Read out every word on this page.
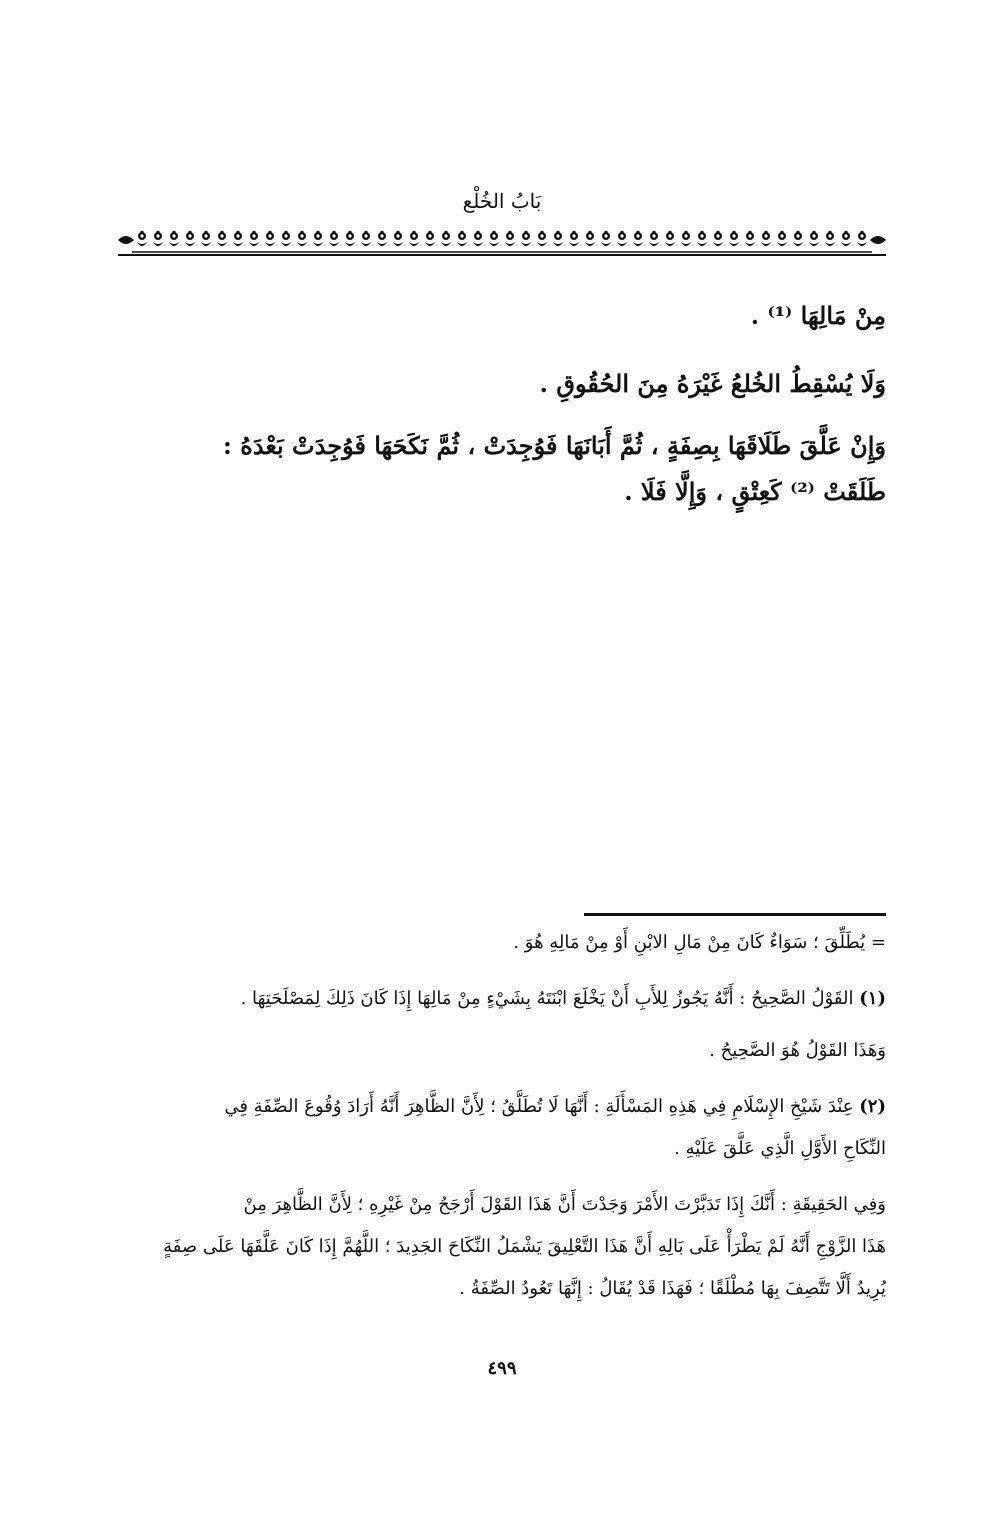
بَابُ الخُلْع
مِنْ مَالِهَا ⁽¹⁾ .
وَلَا يُسْقِطُ الخُلعُ غَيْرَهُ مِنَ الحُقُوقِ .
وَإِنْ عَلَّقَ طَلَاقَهَا بِصِفَةٍ ، ثُمَّ أَبَانَهَا فَوُجِدَتْ ، ثُمَّ نَكَحَهَا فَوُجِدَتْ بَعْدَهُ :
طَلَقَتْ ⁽²⁾ كَعِتْقٍ ، وَإِلَّا فَلَا .
= يُطَلِّقَ ؛ سَوَاءٌ كَانَ مِنْ مَالِ الابْنِ أَوْ مِنْ مَالِهِ هُوَ .
(١) القَوْلُ الصَّحِيحُ : أَنَّهُ يَجُوزُ لِلأَبِ أَنْ يَخْلَعَ ابْنَتَهُ بِشَيْءٍ مِنْ مَالِهَا إِذَا كَانَ ذَلِكَ لِمَصْلَحَتِهَا .
وَهَذَا القَوْلُ هُوَ الصَّحِيحُ .
(٢) عِنْدَ شَيْخِ الإِسْلَامِ فِي هَذِهِ المَسْأَلَةِ : أَنَّهَا لَا تُطَلَّقُ ؛ لِأَنَّ الظَّاهِرَ أَنَّهُ أَرَادَ وُقُوعَ الصِّفَةِ فِي
النِّكَاحِ الأَوَّلِ الَّذِي عَلَّقَ عَلَيْهِ .
وَفِي الحَقِيقَةِ : أَنَّكَ إِذَا تَدَبَّرْتَ الأَمْرَ وَجَدْتَ أَنَّ هَذَا القَوْلَ أَرْجَحُ مِنْ غَيْرِهِ ؛ لِأَنَّ الظَّاهِرَ مِنْ
هَذَا الزَّوْجِ أَنَّهُ لَمْ يَطْرَأْ عَلَى بَالِهِ أَنَّ هَذَا التَّعْلِيقَ يَشْمَلُ النِّكَاحَ الجَدِيدَ ؛ اللَّهُمَّ إِذَا كَانَ عَلَّقَهَا عَلَى صِفَةٍ
يُرِيدُ أَلَّا تَتَّصِفَ بِهَا مُطْلَقًا ؛ فَهَذَا قَدْ يُقَالُ : إِنَّهَا تَعُودُ الصِّفَةُ .
٤٩٩
